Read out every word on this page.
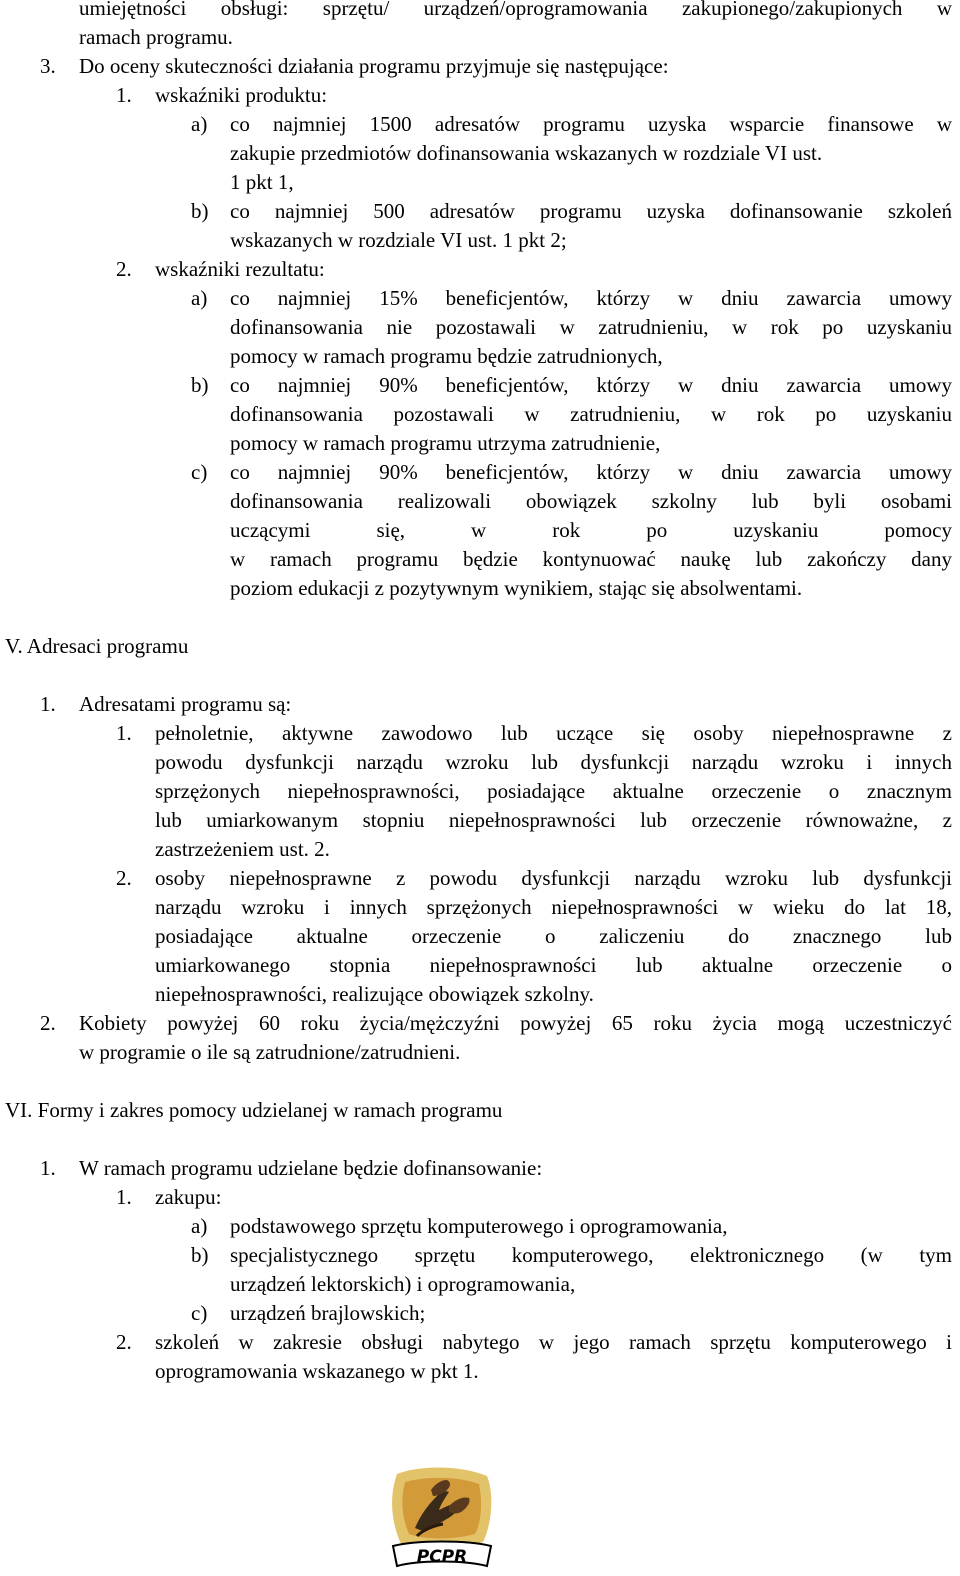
umiejętności obsługi: sprzętu/ urządzeń/oprogramowania zakupionego/zakupionych w
ramach programu.
3. Do oceny skuteczności działania programu przyjmuje się następujące:
1. wskaźniki produktu:
a) co najmniej 1500 adresatów programu uzyska wsparcie finansowe w
zakupie przedmiotów dofinansowania wskazanych w rozdziale VI ust.
1 pkt 1,
b) co najmniej 500 adresatów programu uzyska dofinansowanie szkoleń
wskazanych w rozdziale VI ust. 1 pkt 2;
2. wskaźniki rezultatu:
a) co najmniej 15% beneficjentów, którzy w dniu zawarcia umowy
dofinansowania nie pozostawali w zatrudnieniu, w rok po uzyskaniu
pomocy w ramach programu będzie zatrudnionych,
b) co najmniej 90% beneficjentów, którzy w dniu zawarcia umowy
dofinansowania pozostawali w zatrudnieniu, w rok po uzyskaniu
pomocy w ramach programu utrzyma zatrudnienie,
c) co najmniej 90% beneficjentów, którzy w dniu zawarcia umowy
dofinansowania realizowali obowiązek szkolny lub byli osobami
uczącymi się, w rok po uzyskaniu pomocy
w ramach programu będzie kontynuować naukę lub zakończy dany
poziom edukacji z pozytywnym wynikiem, stając się absolwentami.
V. Adresaci programu
1. Adresatami programu są:
1. pełnoletnie, aktywne zawodowo lub uczące się osoby niepełnosprawne z
powodu dysfunkcji narządu wzroku lub dysfunkcji narządu wzroku i innych
sprzężonych niepełnosprawności, posiadające aktualne orzeczenie o znacznym
lub umiarkowanym stopniu niepełnosprawności lub orzeczenie równoważne, z
zastrzeżeniem ust. 2.
2. osoby niepełnosprawne z powodu dysfunkcji narządu wzroku lub dysfunkcji
narządu wzroku i innych sprzężonych niepełnosprawności w wieku do lat 18,
posiadające aktualne orzeczenie o zaliczeniu do znacznego lub
umiarkowanego stopnia niepełnosprawności lub aktualne orzeczenie o
niepełnosprawności, realizujące obowiązek szkolny.
2. Kobiety powyżej 60 roku życia/mężczyźni powyżej 65 roku życia mogą uczestniczyć
w programie o ile są zatrudnione/zatrudnieni.
VI. Formy i zakres pomocy udzielanej w ramach programu
1. W ramach programu udzielane będzie dofinansowanie:
1. zakupu:
a) podstawowego sprzętu komputerowego i oprogramowania,
b) specjalistycznego sprzętu komputerowego, elektronicznego (w tym
urządzeń lektorskich) i oprogramowania,
c) urządzeń brajlowskich;
2. szkoleń w zakresie obsługi nabytego w jego ramach sprzętu komputerowego i
oprogramowania wskazanego w pkt 1.
PCPR
